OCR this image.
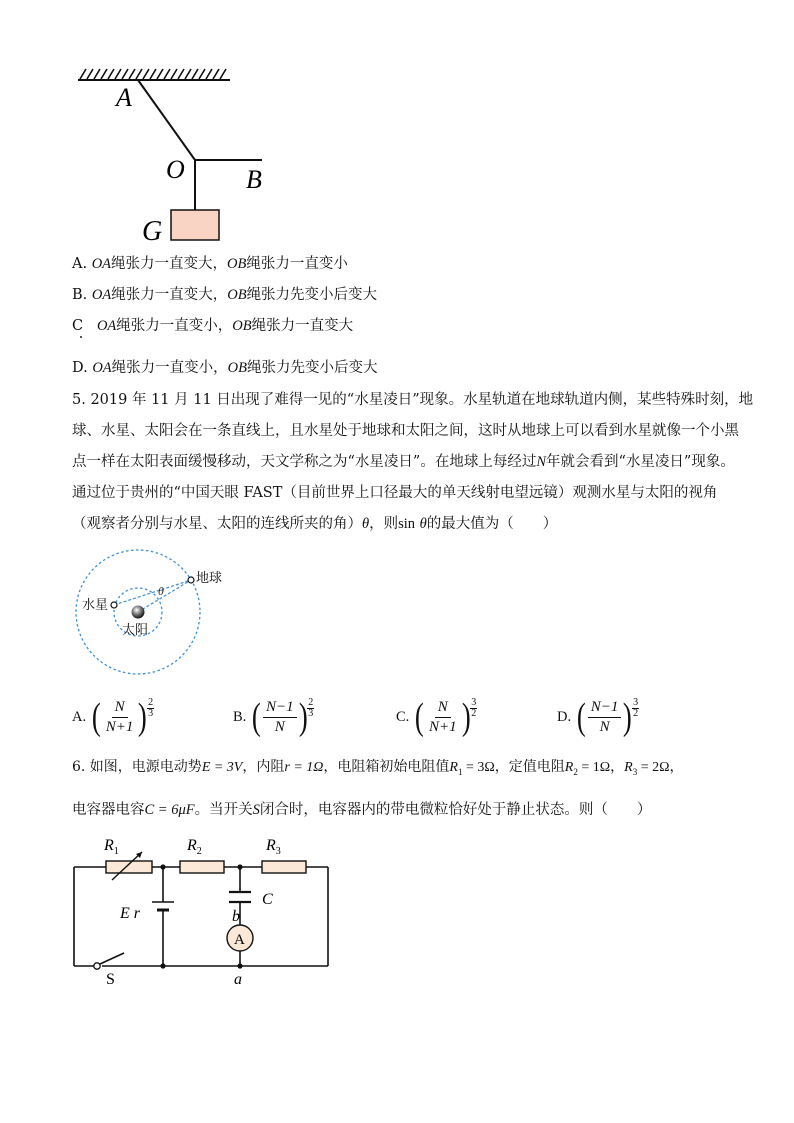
A
O B
G
A. OA绳张力一直变大，OB绳张力一直变小
B. OA绳张力一直变大，OB绳张力先变小后变大
C OA绳张力一直变小，OB绳张力一直变大
D. OA绳张力一直变小，OB绳张力先变小后变大
5. 2019 年 11 月 11 日出现了难得一见的“水星凌日”现象。水星轨道在地球轨道内侧，某些特殊时刻，地
球、水星、太阳会在一条直线上，且水星处于地球和太阳之间，这时从地球上可以看到水星就像一个小黑
点一样在太阳表面缓慢移动，天文学称之为“水星凌日”。在地球上每经过N年就会看到“水星凌日”现象。
通过位于贵州的“中国天眼 FAST（目前世界上口径最大的单天线射电望远镜）观测水星与太阳的视角
（观察者分别与水星、太阳的连线所夹的角）θ，则sin θ的最大值为（　　）
θ
地球
水星
太阳
A. ( $\frac{N}{N+1}$ ) 2
3	B. ( $\frac{N-1}{N}$ ) 2
3	C. ( $\frac{N}{N+1}$ ) 3
2	D. ( $\frac{N-1}{N}$ ) 3
2
6. 如图，电源电动势E = 3V，内阻r = 1Ω，电阻箱初始电阻值$R_1 = 3\Omega$，定值电阻$R_2 = 1\Omega$，$R_3 = 2\Omega$，
电容器电容C = 6μF。当开关S闭合时，电容器内的带电微粒恰好处于静止状态。则（　　）
A
$R_1$	$R_2$	$R_3$
C
E r	b
a
S
